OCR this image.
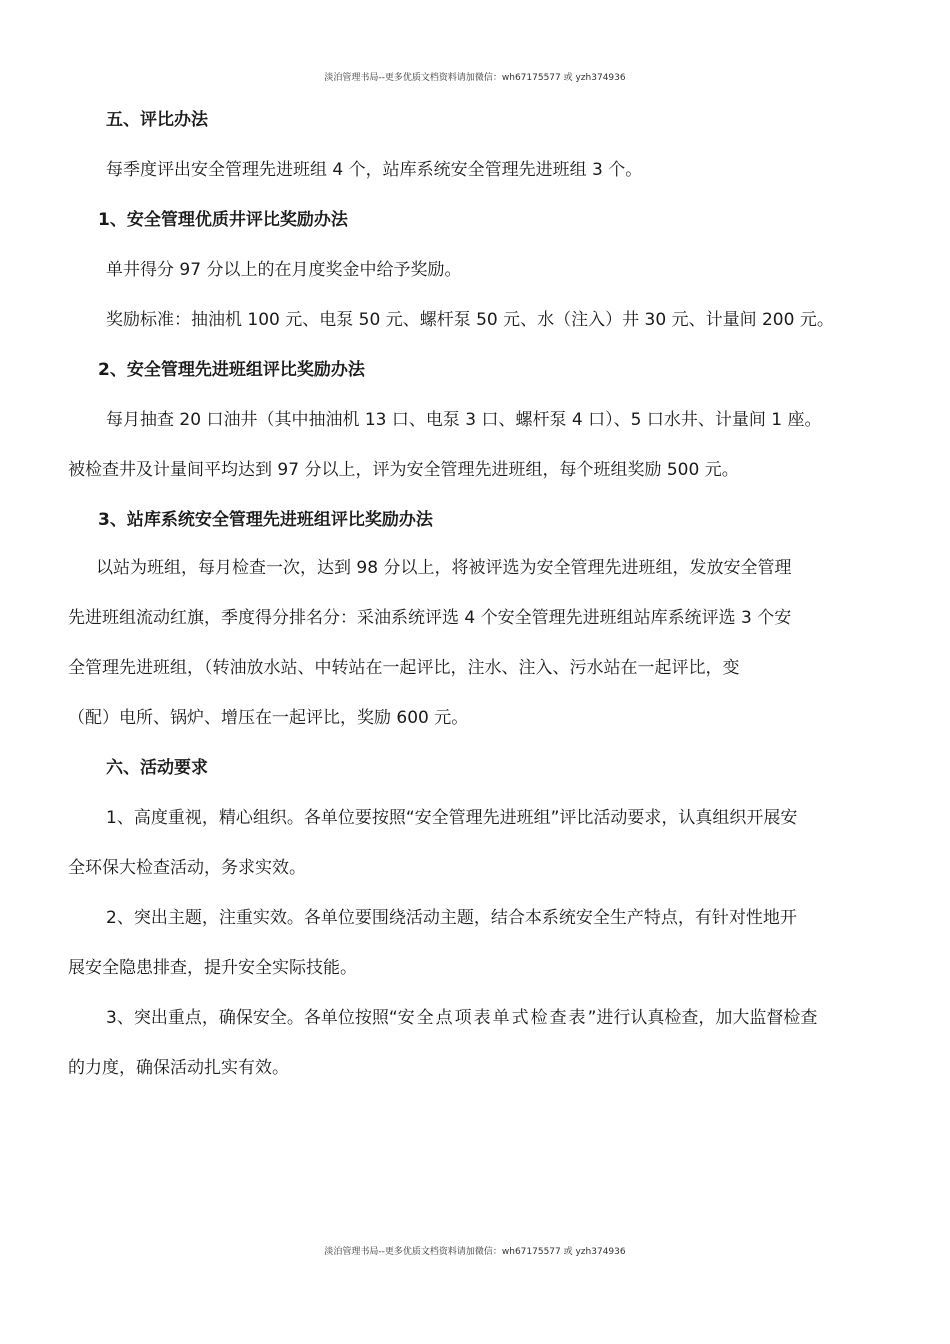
淡泊管理书局--更多优质文档资料请加微信：wh67175577 或 yzh374936
五、评比办法
每季度评出安全管理先进班组 4 个，站库系统安全管理先进班组 3 个。
1、安全管理优质井评比奖励办法
单井得分 97 分以上的在月度奖金中给予奖励。
奖励标准：抽油机 100 元、电泵 50 元、螺杆泵 50 元、水（注入）井 30 元、计量间 200 元。
2、安全管理先进班组评比奖励办法
每月抽查 20 口油井（其中抽油机 13 口、电泵 3 口、螺杆泵 4 口）、5 口水井、计量间 1 座。
被检查井及计量间平均达到 97 分以上，评为安全管理先进班组，每个班组奖励 500 元。
3、站库系统安全管理先进班组评比奖励办法
以站为班组，每月检查一次，达到 98 分以上，将被评选为安全管理先进班组，发放安全管理
先进班组流动红旗，季度得分排名分：采油系统评选 4 个安全管理先进班组站库系统评选 3 个安
全管理先进班组，（转油放水站、中转站在一起评比，注水、注入、污水站在一起评比，变
（配）电所、锅炉、增压在一起评比，奖励 600 元。
六、活动要求
1、高度重视，精心组织。各单位要按照“安全管理先进班组”评比活动要求，认真组织开展安
全环保大检查活动，务求实效。
2、突出主题，注重实效。各单位要围绕活动主题，结合本系统安全生产特点，有针对性地开
展安全隐患排查，提升安全实际技能。
3、突出重点，确保安全。各单位按照“安全点项表单式检查表”进行认真检查，加大监督检查
的力度，确保活动扎实有效。
淡泊管理书局--更多优质文档资料请加微信：wh67175577 或 yzh374936
